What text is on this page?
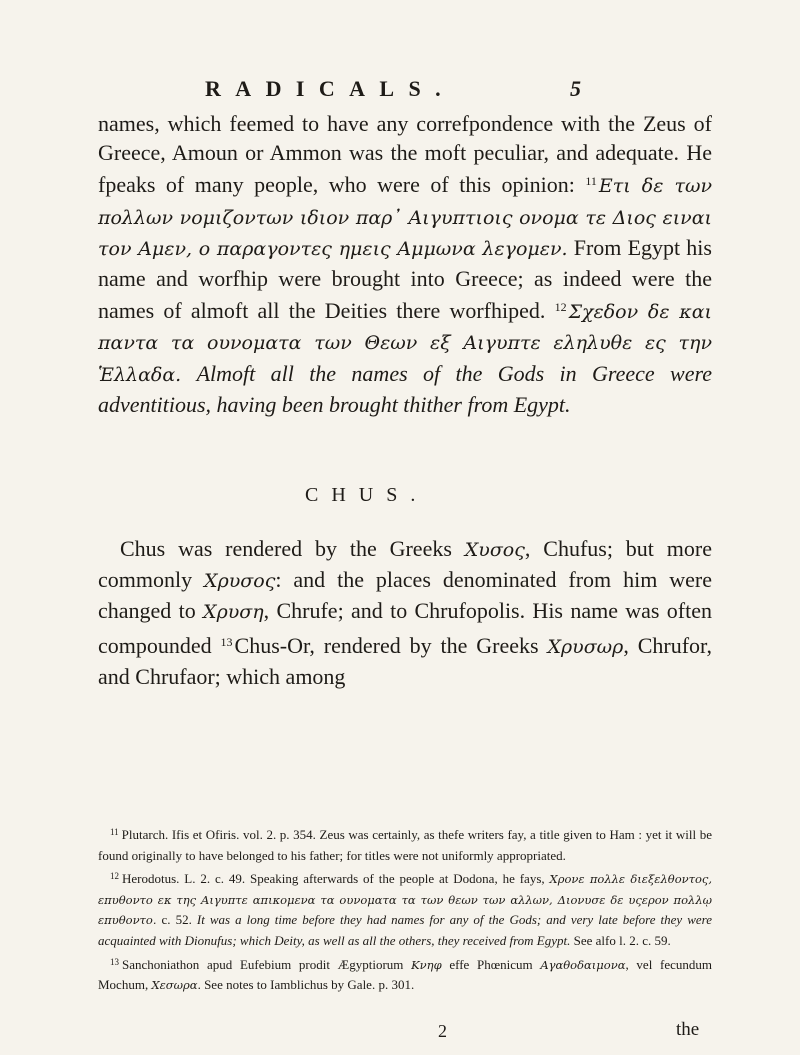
RADICALS.	5

names, which feemed to have any correfpondence with the Zeus of Greece, Amoun or Ammon was the moft peculiar, and adequate. He fpeaks of many people, who were of this opinion: $^{11}$ Ετι δε των πολλων νομιζοντων ιδιον παρ᾽ Αιγυπτιοις ονομα τε Διος ειναι τον Αμεν, ο παραγοντες ημεις Αμμωνα λεγομεν. From Egypt his name and worfhip were brought into Greece; as indeed were the names of almoft all the Deities there worfhiped. $^{12}$ Σχεδον δε και παντα τα ουνοματα των Θεων εξ Αιγυπτε εληλυθε ες την Ἑλλαδα. Almoft all the names of the Gods in Greece were adventitious, having been brought thither from Egypt.

CHUS.

Chus was rendered by the Greeks Χυσος, Chufus; but more commonly Χρυσος: and the places denominated from him were changed to Χρυση, Chrufe; and to Chrufopolis. His name was often compounded $^{13}$Chus-Or, rendered by the Greeks Χρυσωρ, Chrufor, and Chrufaor; which among

$^{11}$ Plutarch. Ifis et Ofiris. vol. 2. p. 354. Zeus was certainly, as thefe writers fay, a title given to Ham : yet it will be found originally to have belonged to his father; for titles were not uniformly appropriated.

$^{12}$ Herodotus. L. 2. c. 49. Speaking afterwards of the people at Dodona, he fays, Χρονε πολλε διεξελθοντος, επυθοντο εκ της Αιγυπτε απικομενα τα ουνοματα τα των θεων των αλλων, Διονυσε δε υςερον πολλῳ επυθοντο. c. 52. It was a long time before they had names for any of the Gods; and very late before they were acquainted with Dionufus; which Deity, as well as all the others, they received from Egypt. See alfo l. 2. c. 59.

$^{13}$ Sanchoniathon apud Eufebium prodit Ægyptiorum Κνηφ effe Phœnicum Αγαθοδαιμονα, vel fecundum Mochum, Χεσωρα. See notes to Iamblichus by Gale. p. 301.

2	the
